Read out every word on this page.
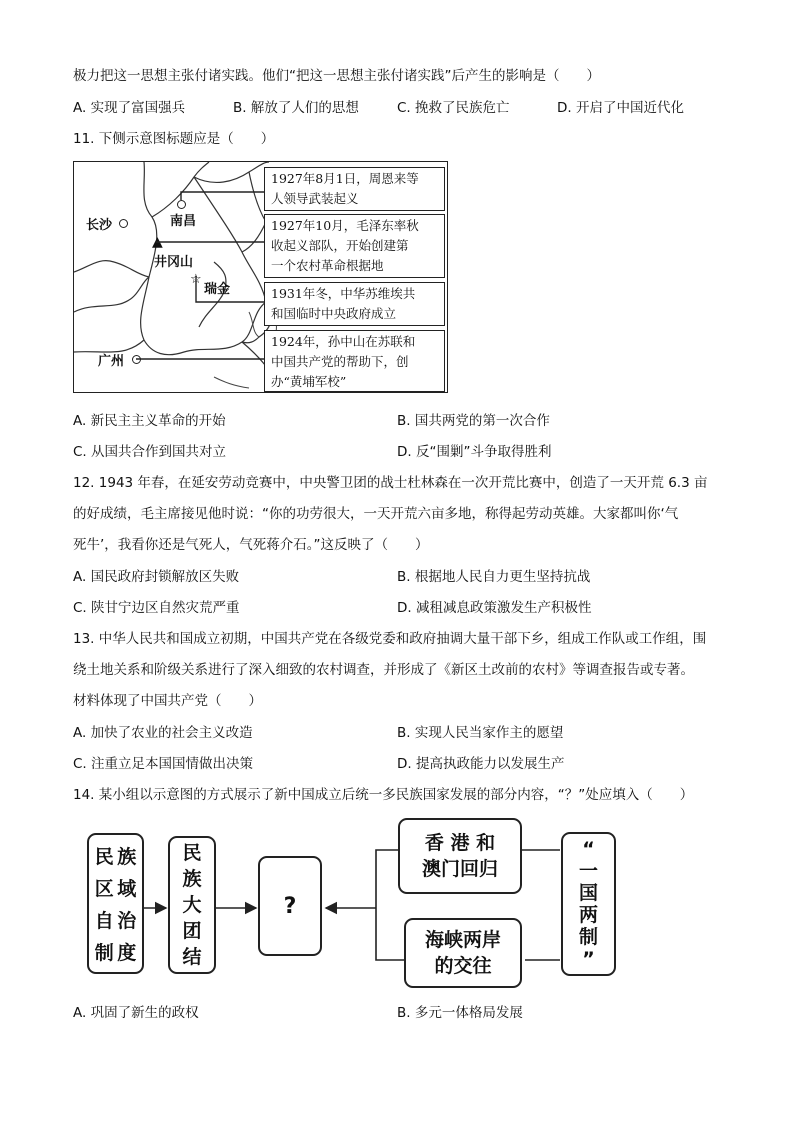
极力把这一思想主张付诸实践。他们“把这一思想主张付诸实践”后产生的影响是（　　）
A. 实现了富国强兵	B. 解放了人们的思想	C. 挽救了民族危亡	D. 开启了中国近代化
11. 下侧示意图标题应是（　　）
长沙	南昌
井冈山
▲
瑞金
☆
广州
1927年8月1日，周恩来等
人领导武装起义
1927年10月，毛泽东率秋
收起义部队，开始创建第
一个农村革命根据地
1931年冬，中华苏维埃共
和国临时中央政府成立
1924年，孙中山在苏联和
中国共产党的帮助下，创
办“黄埔军校”
A. 新民主主义革命的开始	B. 国共两党的第一次合作
C. 从国共合作到国共对立	D. 反“围剿”斗争取得胜利
12. 1943 年春，在延安劳动竞赛中，中央警卫团的战士杜林森在一次开荒比赛中，创造了一天开荒 6.3 亩
的好成绩，毛主席接见他时说：“你的功劳很大，一天开荒六亩多地，称得起劳动英雄。大家都叫你‘气
死牛’，我看你还是气死人，气死蒋介石。”这反映了（　　）
A. 国民政府封锁解放区失败	B. 根据地人民自力更生坚持抗战
C. 陕甘宁边区自然灾荒严重	D. 减租减息政策激发生产积极性
13. 中华人民共和国成立初期，中国共产党在各级党委和政府抽调大量干部下乡，组成工作队或工作组，围
绕土地关系和阶级关系进行了深入细致的农村调查，并形成了《新区土改前的农村》等调查报告或专著。
材料体现了中国共产党（　　）
A. 加快了农业的社会主义改造	B. 实现人民当家作主的愿望
C. 注重立足本国国情做出决策	D. 提高执政能力以发展生产
14. 某小组以示意图的方式展示了新中国成立后统一多民族国家发展的部分内容，“？”处应填入（　　）
民 族
区 域
自 治
制 度
民
族
大
团
结
?
香 港 和
澳门回归
海峡两岸
的交往
“
一
国
两
制
”
A. 巩固了新生的政权	B. 多元一体格局发展
